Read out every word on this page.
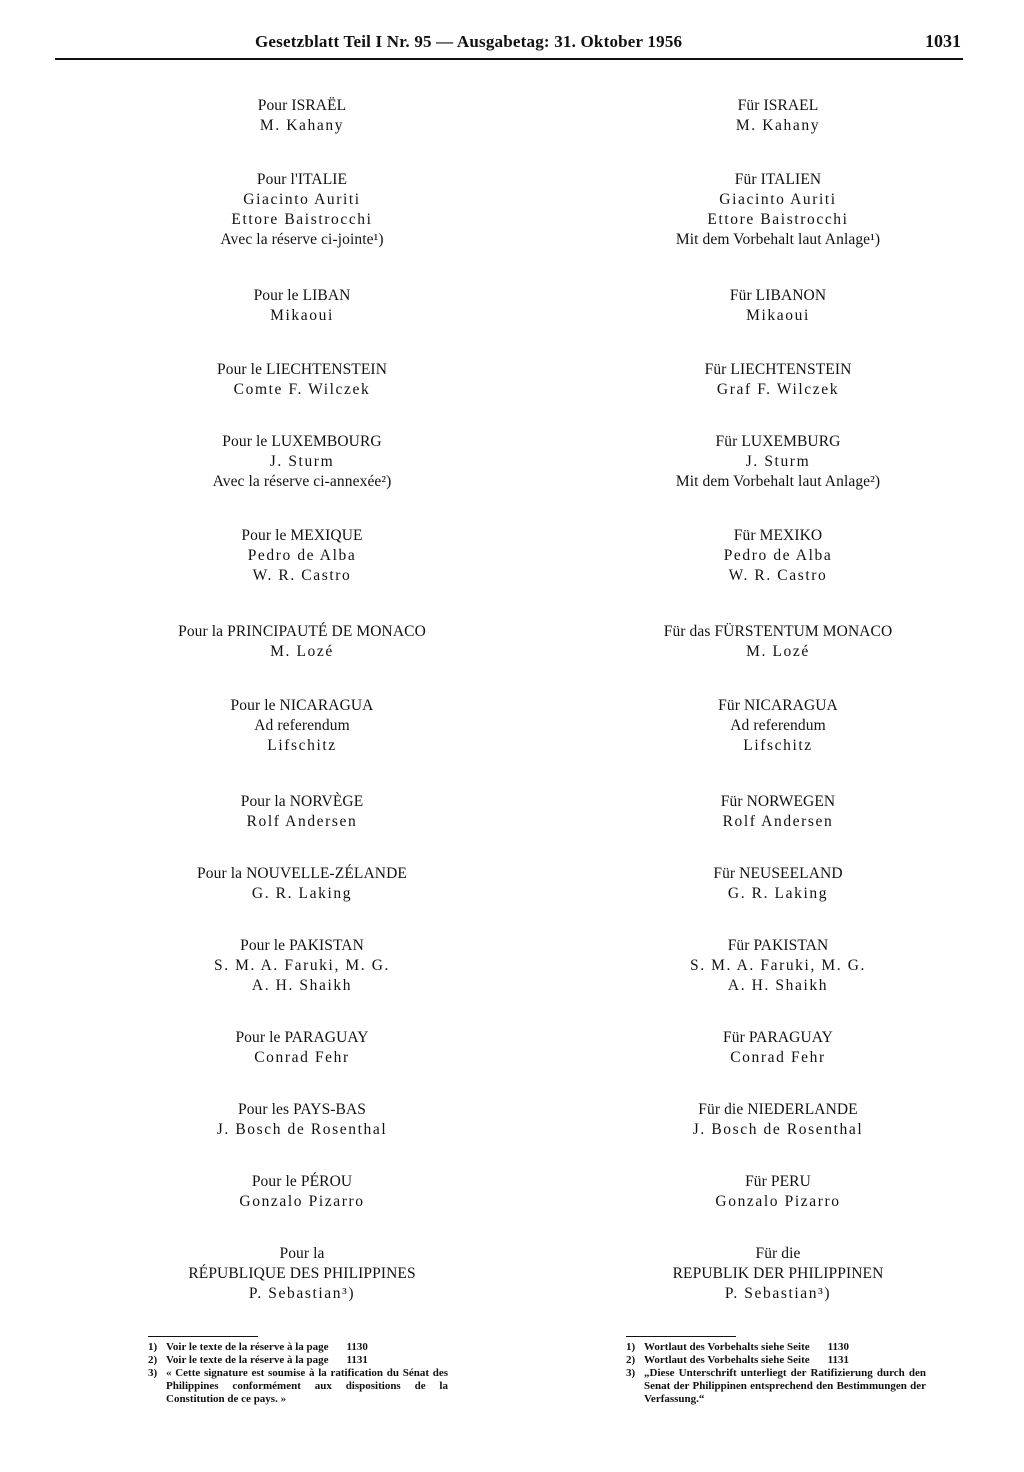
Gesetzblatt Teil I Nr. 95 — Ausgabetag: 31. Oktober 1956	1031
Pour ISRAËL
M. Kahany
Pour l'ITALIE
Giacinto Auriti
Ettore Baistrocchi
Avec la réserve ci-jointe¹)
Pour le LIBAN
Mikaoui
Pour le LIECHTENSTEIN
Comte F. Wilczek
Pour le LUXEMBOURG
J. Sturm
Avec la réserve ci-annexée²)
Pour le MEXIQUE
Pedro de Alba
W. R. Castro
Pour la PRINCIPAUTÉ DE MONACO
M. Lozé
Pour le NICARAGUA
Ad referendum
Lifschitz
Pour la NORVÈGE
Rolf Andersen
Pour la NOUVELLE-ZÉLANDE
G. R. Laking
Pour le PAKISTAN
S. M. A. Faruki, M. G.
A. H. Shaikh
Pour le PARAGUAY
Conrad Fehr
Pour les PAYS-BAS
J. Bosch de Rosenthal
Pour le PÉROU
Gonzalo Pizarro
Pour la
RÉPUBLIQUE DES PHILIPPINES
P. Sebastian³)
Für ISRAEL
M. Kahany
Für ITALIEN
Giacinto Auriti
Ettore Baistrocchi
Mit dem Vorbehalt laut Anlage¹)
Für LIBANON
Mikaoui
Für LIECHTENSTEIN
Graf F. Wilczek
Für LUXEMBURG
J. Sturm
Mit dem Vorbehalt laut Anlage²)
Für MEXIKO
Pedro de Alba
W. R. Castro
Für das FÜRSTENTUM MONACO
M. Lozé
Für NICARAGUA
Ad referendum
Lifschitz
Für NORWEGEN
Rolf Andersen
Für NEUSEELAND
G. R. Laking
Für PAKISTAN
S. M. A. Faruki, M. G.
A. H. Shaikh
Für PARAGUAY
Conrad Fehr
Für die NIEDERLANDE
J. Bosch de Rosenthal
Für PERU
Gonzalo Pizarro
Für die
REPUBLIK DER PHILIPPINEN
P. Sebastian³)
1) Voir le texte de la réserve à la page 1130
2) Voir le texte de la réserve à la page 1131
3) « Cette signature est soumise à la ratification du Sénat des Philippines conformément aux dispositions de la Constitution de ce pays. »
1) Wortlaut des Vorbehalts siehe Seite 1130
2) Wortlaut des Vorbehalts siehe Seite 1131
3) „Diese Unterschrift unterliegt der Ratifizierung durch den Senat der Philippinen entsprechend den Bestimmungen der Verfassung.“
